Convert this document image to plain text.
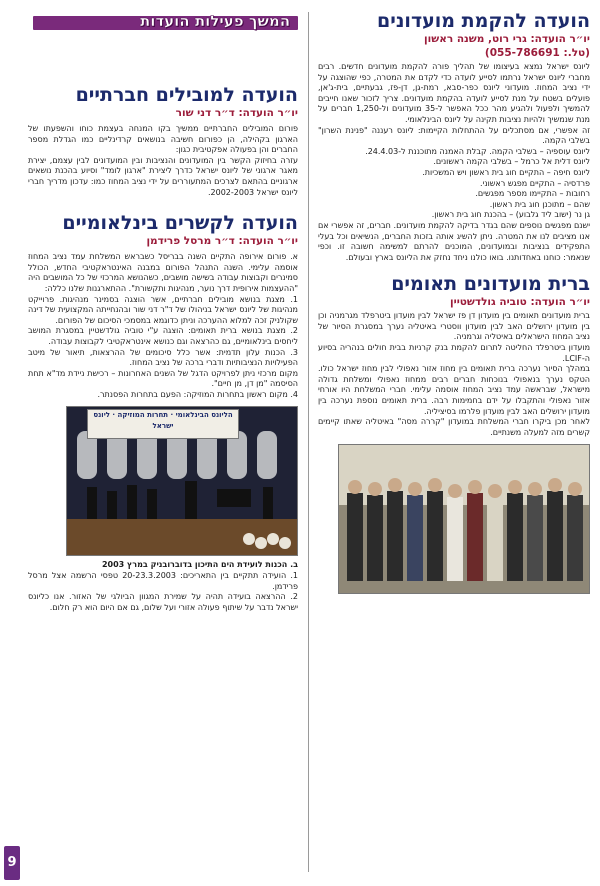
הועדה להקמת מועדונים
יו״ר הועדה: גרי רוט, משנה ראשון
(טל.: 055-786691)

ליונס ישראל נמצא בעיצומו של תהליך פורה להקמת מועדונים חדשים. רבים מחברי ליונס ישראל נרתמו לסייע לועדה כדי לקדם את המטרה, כפי שהוצגה על ידי נציב המחוז. מועדוני ליונס כפר-סבא, רמת-גן, דן-פז, גבעתיים, בית-ג'אן, פועלים בשטח על מנת לסייע לועדה בהקמת מועדונים. צריך לזכור שאנו חייבים להמשיך ולפעול ולהגיע מהר ככל האפשר ל-35 מועדונים ול-1,250 חברים על מנת שנמשיך ולהיות נציבות תקינה על ליונס הבינלאומי.

זה אפשרי, אם מסתכלים על ההתחלות הקיימות: ליונס רעננה "פנינת השרון" בשלבי הקמה.

ליונס עוספיה – בשלבי הקמה. קבלת האמנה מתוכננת ל-24.4.03.

ליונס דלית אל כרמל – בשלבי הקמה ראשונים.

ליונס חיפה – התקיים חוג בית ראשון ויש המשכיות.

פרדסיה – התקיים מפגש ראשוני.

רחובות – התקיימו מספר מפגשים.

שהם – מתוכנן חוג בית ראשון.

גן נר (ישוב ליד גלבוע) – בהכנת חוג בית ראשון.

ישנם מפגשים נוספים שהם בגדר בדיקה להקמת מועדונים. חברים, זה אפשרי אם אנו מציבים לנו את המטרה. ניתן להשיג אותה בזכות החברים, הנשיאים וכל בעלי התפקידים בנציבות ובמועדונים, המוכנים להרתם למשימה חשובה זו. וכפי שנאמר: כוחנו באחדותנו. בואו כולנו ניחד נחזק את הליונס בארץ ובעולם.

ברית מועדונים תאומים
יו״ר הועדה: טוביה גולדשטיין

ברית מועדונים תאומים בין מועדון דן פז ישראל לבין מועדון ביטרפלד מגרמניה וכן בין מועדון ירושלים האב לבין מועדון ווסטרי באיטליה נערך במסגרת הסיור של נציב המחוז הישראלים באיטליה וגרמניה.

מועדון ביטרפלד החליטה לתרום להקמת בנק קרניות בבית חולים בנהריה בסיוע ה-LCIF.

במהלך הסיור נערכה ברית תאומים בין מחוז אזור נאפולי לבין מחוז ישראל כולו. הטקס נערך בנאפולי בנוכחות חברים רבים ממחוז נאפולי ומשלחת גדולה מישראל, שבראשה עמד נציב המחוז אוסמה עלימי. חברי המשלחת היו אורחי אזור נאפולי והתקבלו על ידם בחמימות רבה. ברית תאומים נוספת נערכה בין מועדון ירושלים האב לבין מועדון פלרמו בסיציליה.

לאחר מכן ביקרו חברי המשלחת במועדון "קררה מסה" באיטליה שאתו קיימים קשרים מזה למעלה משנתיים.

המשך פעילות הועדות
הועדה למובילים חברתיים
יו״ר הועדה: ד״ר דני שור

פורום המובילים החברתיים ממשיך בקו המנחה בעצמת כוחו והשפעתו של הארגון בקהילה, הן כפורום חשיבה בנושאים קרדינליים כמו הגדלת מספר החברים והן בפעולה אפקטיבית כגון:

עזרה בחיזוק הקשר בין המועדונים והנציבות ובין המועדונים לבין עצמם, יצירת מאגר ארגוני של ליונס ישראל כדרך ליצירת "ארגון לומד" וסיוע בהכנת נושאים ארגוניים בהתאם לצרכים המתעוררים על ידי נציב המחוז כמו: עדכון מדריך חברי ליונס ישראל 2002-2003.

הועדה לקשרים בינלאומיים
יו״ר הועדה: ד״ר מרסל פרידמן

א. פורום אירופה התקיים השנה בבריסל כשבראש המשלחת עמד נציב המחוז אוסמה עלימי. השנה התנהל הפורום במבנה האינטראקטיבי החדש, הכולל סמינרים וקבוצות עבודה בשישה מושבים, כשהנושא המרכזי של כל המושבים היה "ההעצמות אירופית דרך נוער, מנהיגות ותקשורת". ההתארגנות שלנו כללה:

1. מצגת בנושא מובילים חברתיים, אשר הוצגה בסמינר מנהיגות. פרוייקט מנהיגות של ליונס ישראל בניהולו של ד"ר דני שור ובהנחייתה המקצועית של דינה שקולניק זכה למלוא ההערכה וניתן כדוגמא במסמכי הסיכום של הפורום.

2. מצגת בנושא ברית תאומים: הוצגה ע"י טוביה גולדשטיין במסגרת המושב ליחסים בינלאומיים, גם כהרצאה וגם כנושא אינטראקטיבי לקבוצות עבודה.

3. הכנות עלון תדמית: אשר כלל סיכומים של ההרצאות, תיאור של מיטב הפעילויות הנציבותיות ודברי ברכה של נציב המחוז.

מקום מרכזי ניתן לפרויקט הדגל של השנים האחרונות – רכישת ניידת מד"א תחת הסיסמה "מן דן, מן חיים".

4. מקום ראשון בתחרות המוזיקה: הפעם בתחרות הפסנתר.

הליונס הבינלאומי · תחרות המוזיקה · ליונס ישראל

ב. הכנות לועידת הים התיכון בדוברובניק במרץ 2003

1. הועידה תתקיים בין התאריכים: 20-23.3.2003 טפסי הרשמה אצל מרסל פרידמן.

2. ההרצאה בועידה תהיה על שמירת המגוון הביולגי של האזור. אנו כליונס ישראל נדבר על שיתוף פעולה אזורי ועל שלום, גם אם היום הוא רק חלום.

9
